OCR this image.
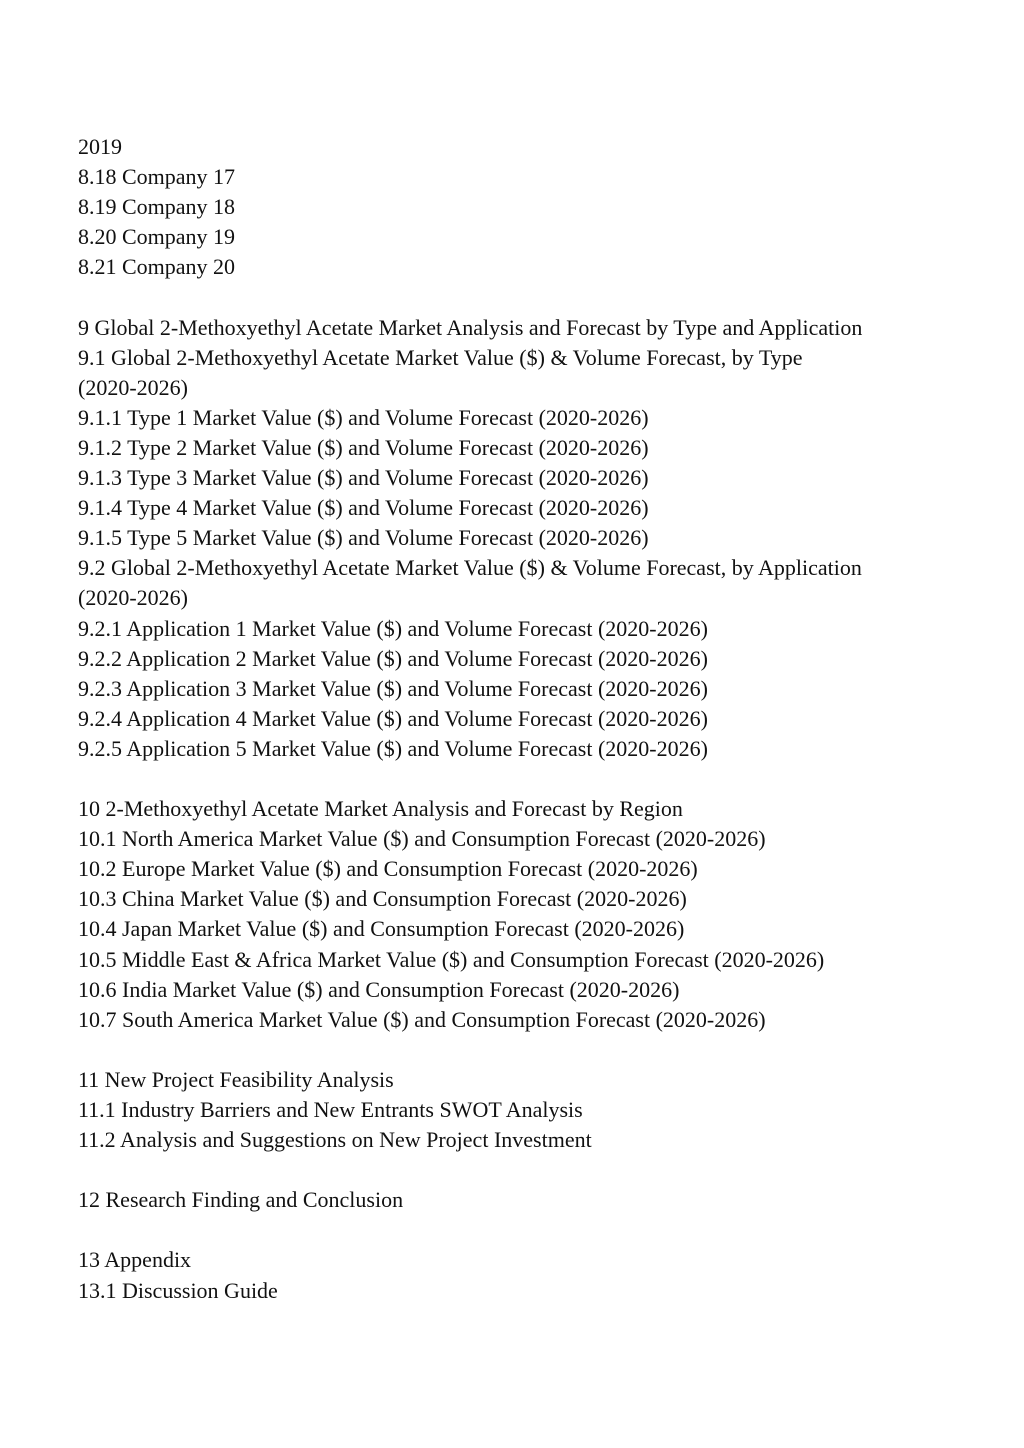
2019
8.18 Company 17
8.19 Company 18
8.20 Company 19
8.21 Company 20
9 Global 2-Methoxyethyl Acetate Market Analysis and Forecast by Type and Application
9.1 Global 2-Methoxyethyl Acetate Market Value ($) & Volume Forecast, by Type
(2020-2026)
9.1.1 Type 1 Market Value ($) and Volume Forecast (2020-2026)
9.1.2 Type 2 Market Value ($) and Volume Forecast (2020-2026)
9.1.3 Type 3 Market Value ($) and Volume Forecast (2020-2026)
9.1.4 Type 4 Market Value ($) and Volume Forecast (2020-2026)
9.1.5 Type 5 Market Value ($) and Volume Forecast (2020-2026)
9.2 Global 2-Methoxyethyl Acetate Market Value ($) & Volume Forecast, by Application
(2020-2026)
9.2.1 Application 1 Market Value ($) and Volume Forecast (2020-2026)
9.2.2 Application 2 Market Value ($) and Volume Forecast (2020-2026)
9.2.3 Application 3 Market Value ($) and Volume Forecast (2020-2026)
9.2.4 Application 4 Market Value ($) and Volume Forecast (2020-2026)
9.2.5 Application 5 Market Value ($) and Volume Forecast (2020-2026)
10 2-Methoxyethyl Acetate Market Analysis and Forecast by Region
10.1 North America Market Value ($) and Consumption Forecast (2020-2026)
10.2 Europe Market Value ($) and Consumption Forecast (2020-2026)
10.3 China Market Value ($) and Consumption Forecast (2020-2026)
10.4 Japan Market Value ($) and Consumption Forecast (2020-2026)
10.5 Middle East & Africa Market Value ($) and Consumption Forecast (2020-2026)
10.6 India Market Value ($) and Consumption Forecast (2020-2026)
10.7 South America Market Value ($) and Consumption Forecast (2020-2026)
11 New Project Feasibility Analysis
11.1 Industry Barriers and New Entrants SWOT Analysis
11.2 Analysis and Suggestions on New Project Investment
12 Research Finding and Conclusion
13 Appendix
13.1 Discussion Guide
